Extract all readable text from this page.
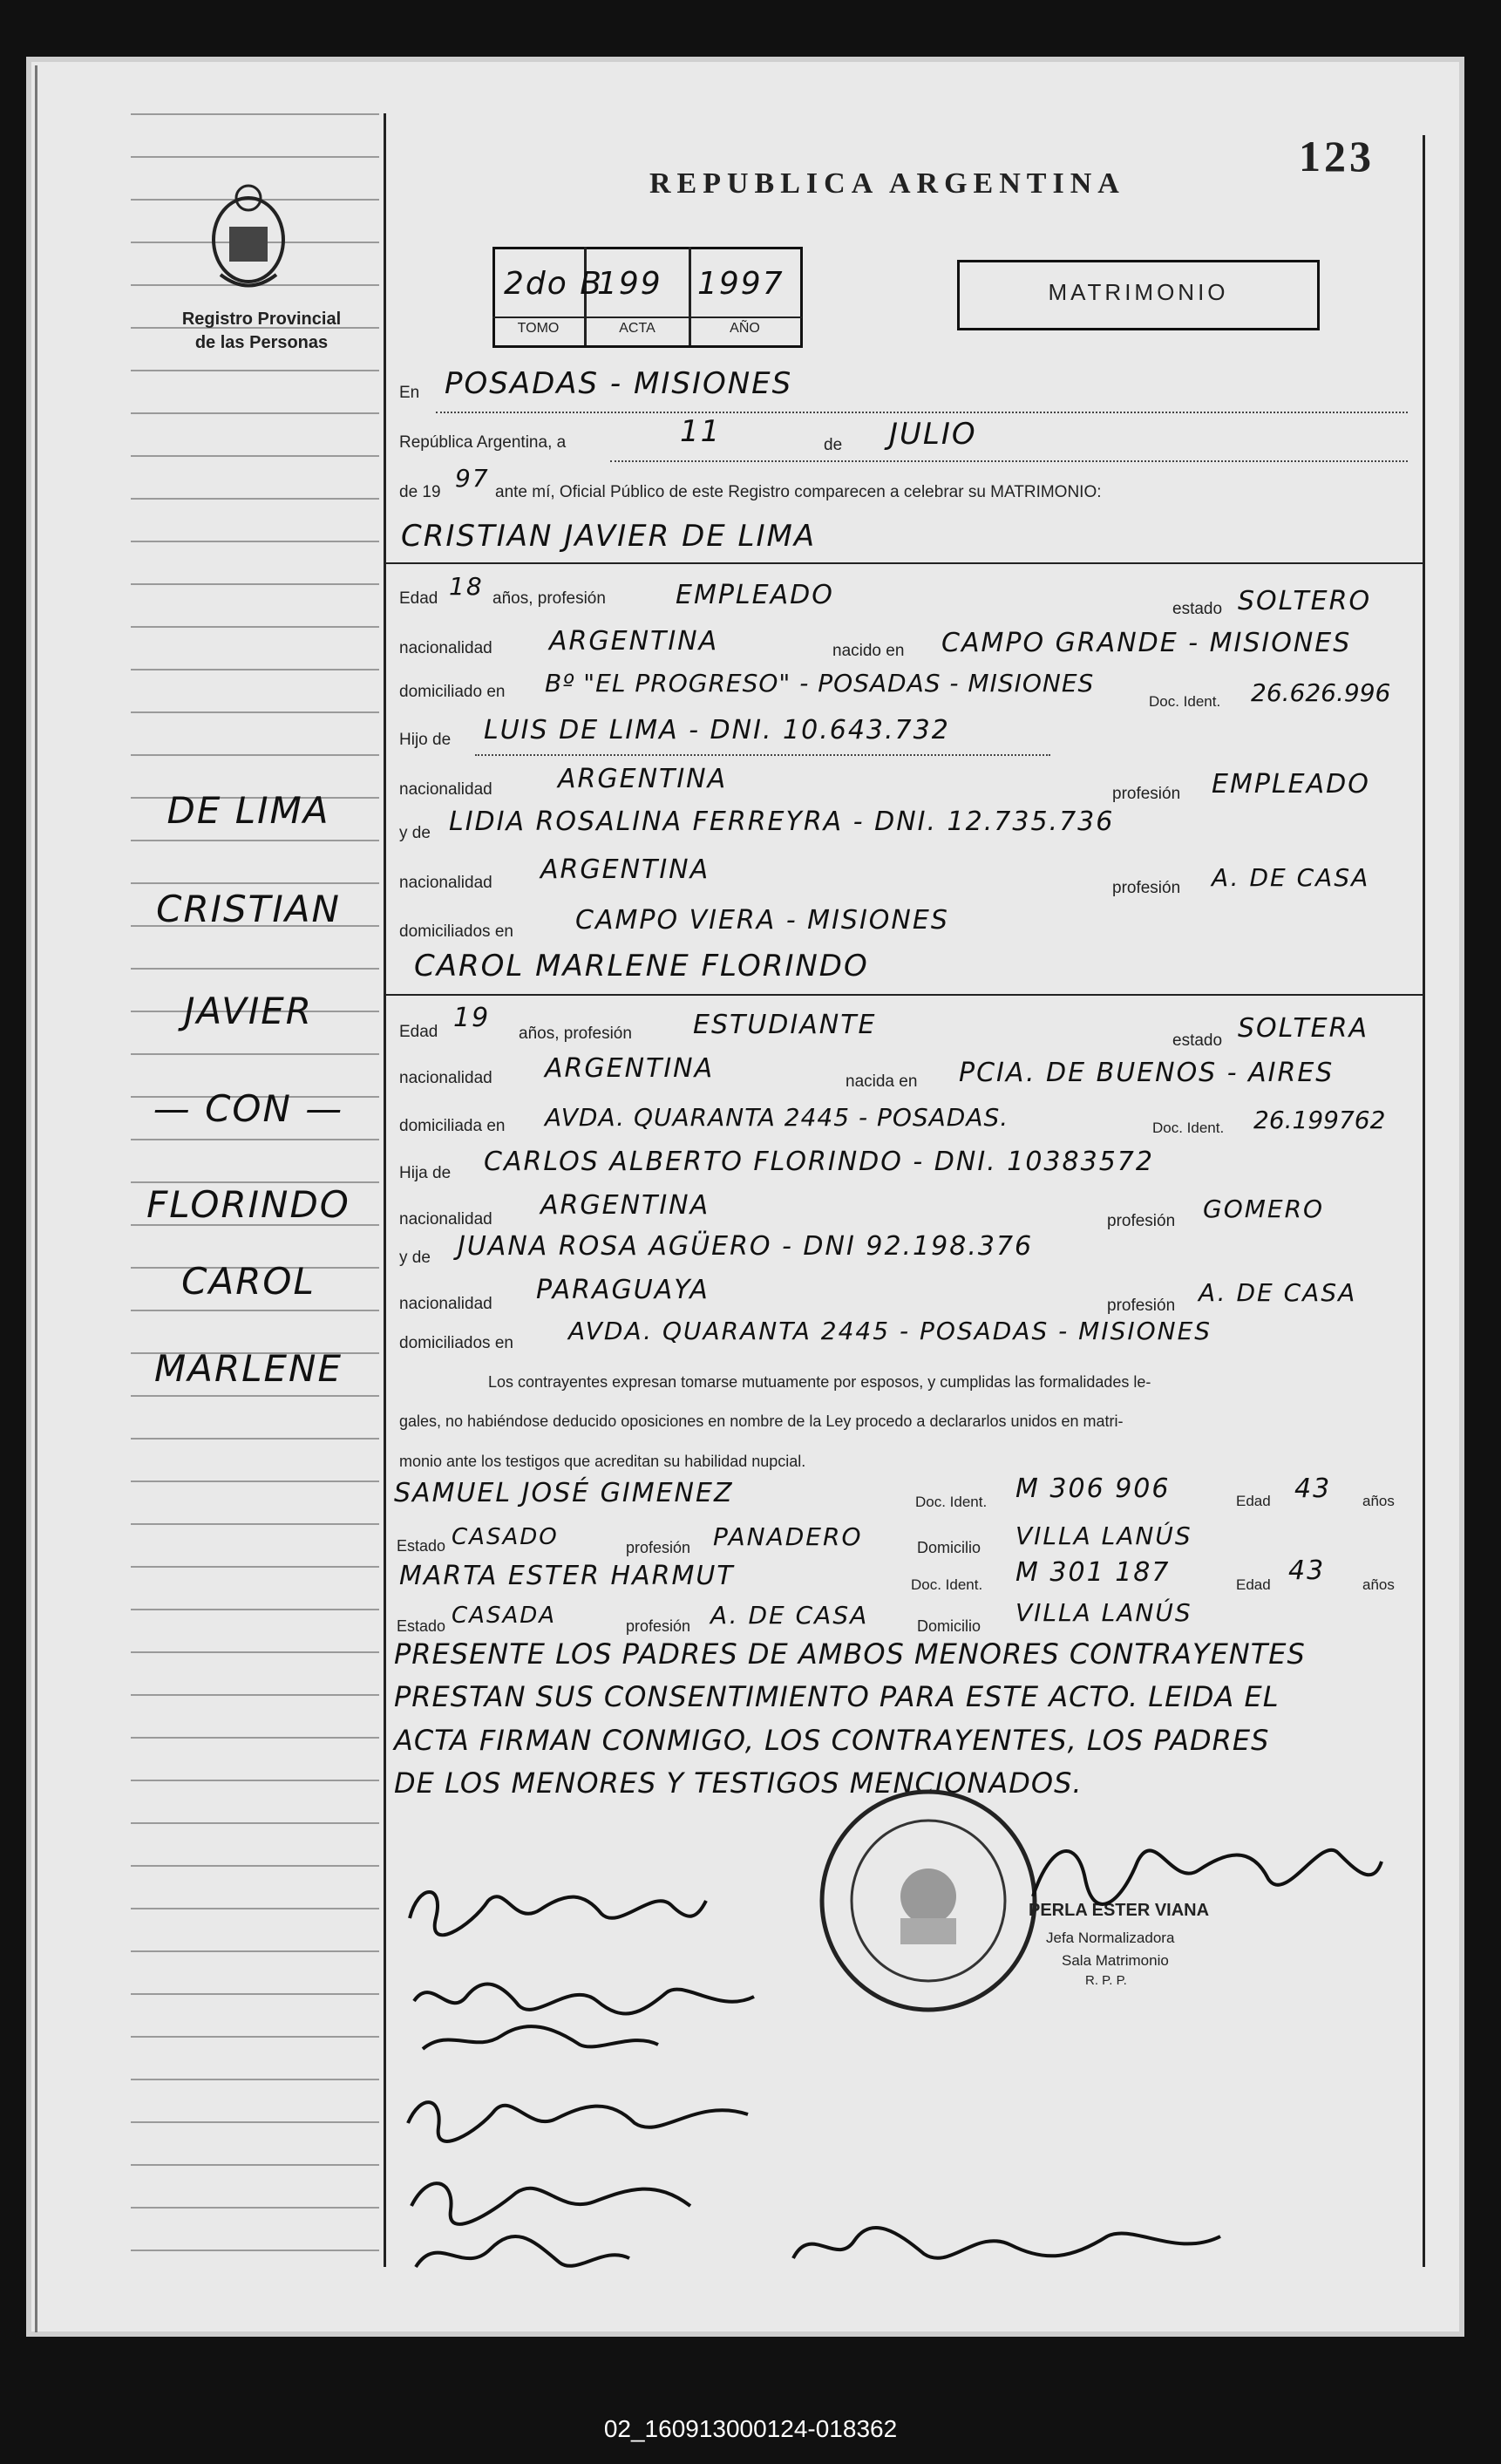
Registro Provincial
de las Personas
REPUBLICA ARGENTINA
123
2do B
199 1997
TOMO	ACTA	AÑO
MATRIMONIO
En POSADAS - MISIONES
República Argentina, a	11	de JULIO
de 19 97 ante mí, Oficial Público de este Registro comparecen a celebrar su MATRIMONIO:
CRISTIAN JAVIER DE LIMA
Edad 18 años, profesión	EMPLEADO	estado SOLTERO
nacionalidad ARGENTINA	nacido en CAMPO GRANDE - MISIONES
domiciliado en Bº "EL PROGRESO" - POSADAS - MISIONES
Doc. Ident. 26.626.996
Hijo de LUIS DE LIMA - DNI. 10.643.732
nacionalidad	ARGENTINA	profesión EMPLEADO
y de LIDIA ROSALINA FERREYRA - DNI. 12.735.736
nacionalidad ARGENTINA
profesión A. DE CASA
domiciliados en CAMPO VIERA - MISIONES
CAROL MARLENE FLORINDO
Edad 19
años, profesión ESTUDIANTE
estado SOLTERA
nacionalidad ARGENTINA	nacida en PCIA. DE BUENOS - AIRES
domiciliada en AVDA. QUARANTA 2445 - POSADAS.	Doc. Ident. 26.199762
Hija de CARLOS ALBERTO FLORINDO - DNI. 10383572
nacionalidad ARGENTINA
profesión GOMERO
y de JUANA ROSA AGÜERO - DNI 92.198.376
nacionalidad PARAGUAYA
profesión A. DE CASA
domiciliados en AVDA. QUARANTA 2445 - POSADAS - MISIONES
Los contrayentes expresan tomarse mutuamente por esposos, y cumplidas las formalidades le-
gales, no habiéndose deducido oposiciones en nombre de la Ley procedo a declararlos unidos en matri-
monio ante los testigos que acreditan su habilidad nupcial.
SAMUEL JOSÉ GIMENEZ	Doc. Ident. M 306 906	Edad 43 años
Estado CASADO	profesión PANADERO	Domicilio VILLA LANÚS
MARTA ESTER HARMUT	Doc. Ident. M 301 187	Edad 43	años
Estado CASADA	profesión A. DE CASA	Domicilio VILLA LANÚS
PRESENTE LOS PADRES DE AMBOS MENORES CONTRAYENTES
PRESTAN SUS CONSENTIMIENTO PARA ESTE ACTO. LEIDA EL
ACTA FIRMAN CONMIGO, LOS CONTRAYENTES, LOS PADRES
DE LOS MENORES Y TESTIGOS MENCIONADOS.
DE LIMA
CRISTIAN
JAVIER
— CON —
FLORINDO
CAROL
MARLENE
PERLA ESTER VIANA
Jefa Normalizadora
Sala Matrimonio
R. P. P.
02_160913000124-018362
